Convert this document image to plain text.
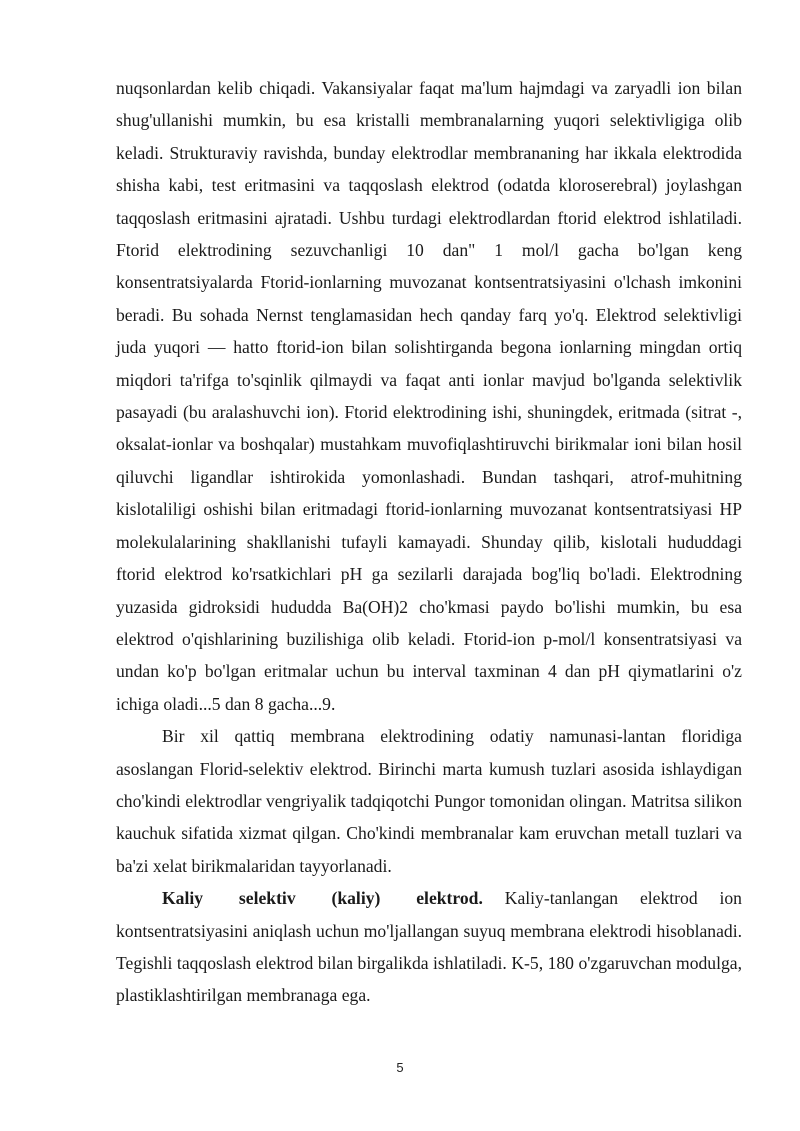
nuqsonlardan kelib chiqadi. Vakansiyalar faqat ma'lum hajmdagi va zaryadli ion bilan shug'ullanishi mumkin, bu esa kristalli membranalarning yuqori selektivligiga olib keladi. Strukturaviy ravishda, bunday elektrodlar membrananing har ikkala elektrodida shisha kabi, test eritmasini va taqqoslash elektrod (odatda kloroserebral) joylashgan taqqoslash eritmasini ajratadi. Ushbu turdagi elektrodlardan ftorid elektrod ishlatiladi. Ftorid elektrodining sezuvchanligi 10 dan" 1 mol/l gacha bo'lgan keng konsentratsiyalarda Ftorid-ionlarning muvozanat kontsentratsiyasini o'lchash imkonini beradi. Bu sohada Nernst tenglamasidan hech qanday farq yo'q. Elektrod selektivligi juda yuqori — hatto ftorid-ion bilan solishtirganda begona ionlarning mingdan ortiq miqdori ta'rifga to'sqinlik qilmaydi va faqat anti ionlar mavjud bo'lganda selektivlik pasayadi (bu aralashuvchi ion). Ftorid elektrodining ishi, shuningdek, eritmada (sitrat -, oksalat-ionlar va boshqalar) mustahkam muvofiqlashtiruvchi birikmalar ioni bilan hosil qiluvchi ligandlar ishtirokida yomonlashadi. Bundan tashqari, atrof-muhitning kislotaliligi oshishi bilan eritmadagi ftorid-ionlarning muvozanat kontsentratsiyasi HP molekulalarining shakllanishi tufayli kamayadi. Shunday qilib, kislotali hududdagi ftorid elektrod ko'rsatkichlari pH ga sezilarli darajada bog'liq bo'ladi. Elektrodning yuzasida gidroksidi hududda Ba(OH)2 cho'kmasi paydo bo'lishi mumkin, bu esa elektrod o'qishlarining buzilishiga olib keladi. Ftorid-ion p-mol/l konsentratsiyasi va undan ko'p bo'lgan eritmalar uchun bu interval taxminan 4 dan pH qiymatlarini o'z ichiga oladi...5 dan 8 gacha...9.

Bir xil qattiq membrana elektrodining odatiy namunasi-lantan floridiga asoslangan Florid-selektiv elektrod. Birinchi marta kumush tuzlari asosida ishlaydigan cho'kindi elektrodlar vengriyalik tadqiqotchi Pungor tomonidan olingan. Matritsa silikon kauchuk sifatida xizmat qilgan. Cho'kindi membranalar kam eruvchan metall tuzlari va ba'zi xelat birikmalaridan tayyorlanadi.

Kaliy selektiv (kaliy) elektrod. Kaliy-tanlangan elektrod ion kontsentratsiyasini aniqlash uchun mo'ljallangan suyuq membrana elektrodi hisoblanadi. Tegishli taqqoslash elektrod bilan birgalikda ishlatiladi. K-5, 180 o'zgaruvchan modulga, plastiklashtirilgan membranaga ega.

5
